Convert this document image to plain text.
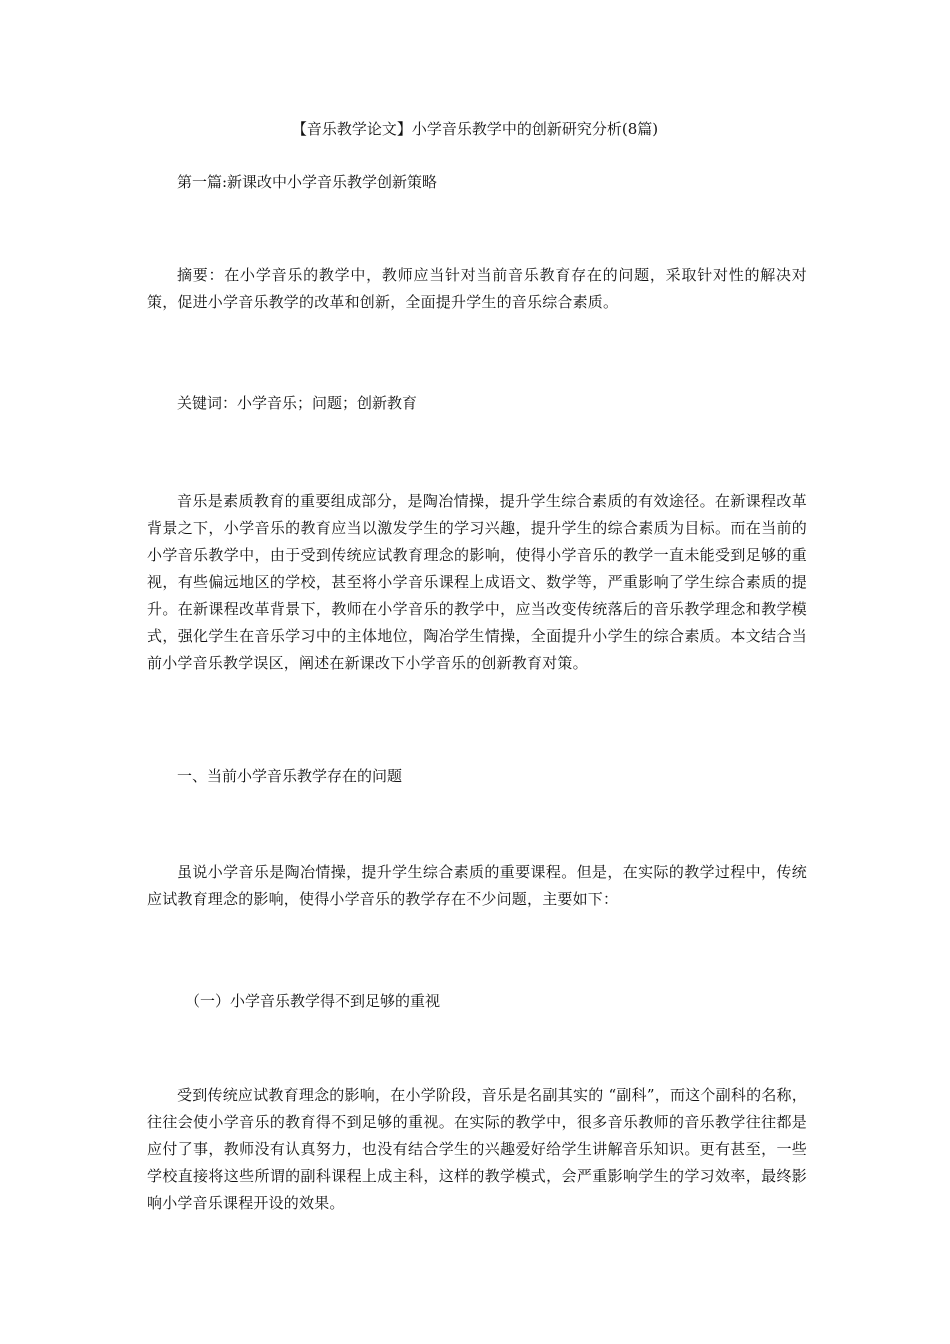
【音乐教学论文】小学音乐教学中的创新研究分析(8篇)
第一篇:新课改中小学音乐教学创新策略

摘要：在小学音乐的教学中，教师应当针对当前音乐教育存在的问题，采取针对性的解决对策，促进小学音乐教学的改革和创新，全面提升学生的音乐综合素质。

关键词：小学音乐；问题；创新教育

音乐是素质教育的重要组成部分，是陶冶情操，提升学生综合素质的有效途径。在新课程改革背景之下，小学音乐的教育应当以激发学生的学习兴趣，提升学生的综合素质为目标。而在当前的小学音乐教学中，由于受到传统应试教育理念的影响，使得小学音乐的教学一直未能受到足够的重视，有些偏远地区的学校，甚至将小学音乐课程上成语文、数学等，严重影响了学生综合素质的提升。在新课程改革背景下，教师在小学音乐的教学中，应当改变传统落后的音乐教学理念和教学模式，强化学生在音乐学习中的主体地位，陶冶学生情操，全面提升小学生的综合素质。本文结合当前小学音乐教学误区，阐述在新课改下小学音乐的创新教育对策。

一、当前小学音乐教学存在的问题

虽说小学音乐是陶冶情操，提升学生综合素质的重要课程。但是，在实际的教学过程中，传统应试教育理念的影响，使得小学音乐的教学存在不少问题，主要如下：

（一）小学音乐教学得不到足够的重视

受到传统应试教育理念的影响，在小学阶段，音乐是名副其实的 “副科”，而这个副科的名称，往往会使小学音乐的教育得不到足够的重视。在实际的教学中，很多音乐教师的音乐教学往往都是应付了事，教师没有认真努力，也没有结合学生的兴趣爱好给学生讲解音乐知识。更有甚至，一些学校直接将这些所谓的副科课程上成主科，这样的教学模式，会严重影响学生的学习效率，最终影响小学音乐课程开设的效果。
